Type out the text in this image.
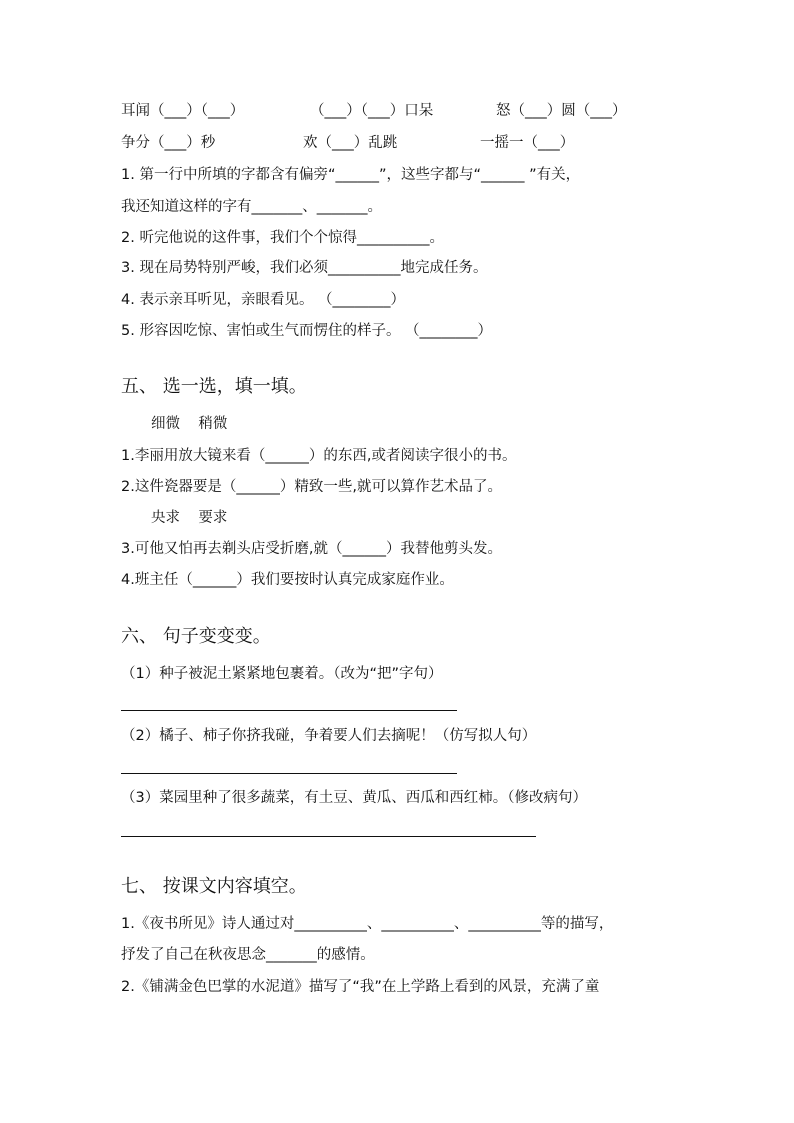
耳闻（___）（___）	（___）（___）口呆	怒（___）圆（___）
争分（___）秒	欢（___）乱跳	一摇一（___）
1. 第一行中所填的字都含有偏旁“______”，这些字都与“______ ”有关，
我还知道这样的字有_______、_______。
2. 听完他说的这件事，我们个个惊得__________。
3. 现在局势特别严峻，我们必须__________地完成任务。
4. 表示亲耳听见，亲眼看见。 （________）
5. 形容因吃惊、害怕或生气而愣住的样子。 （________）
五、 选一选，填一填。
细微    稍微
1.李丽用放大镜来看（______）的东西,或者阅读字很小的书。
2.这件瓷器要是（______）精致一些,就可以算作艺术品了。
央求    要求
3.可他又怕再去剃头店受折磨,就（______）我替他剪头发。
4.班主任（______）我们要按时认真完成家庭作业。
六、 句子变变变。
（1）种子被泥土紧紧地包裹着。（改为“把”字句）
（2）橘子、柿子你挤我碰，争着要人们去摘呢！（仿写拟人句）
（3）菜园里种了很多蔬菜，有土豆、黄瓜、西瓜和西红柿。（修改病句）
七、 按课文内容填空。
1.《夜书所见》诗人通过对__________、__________、__________等的描写，
抒发了自己在秋夜思念_______的感情。
2.《铺满金色巴掌的水泥道》描写了“我”在上学路上看到的风景，充满了童
